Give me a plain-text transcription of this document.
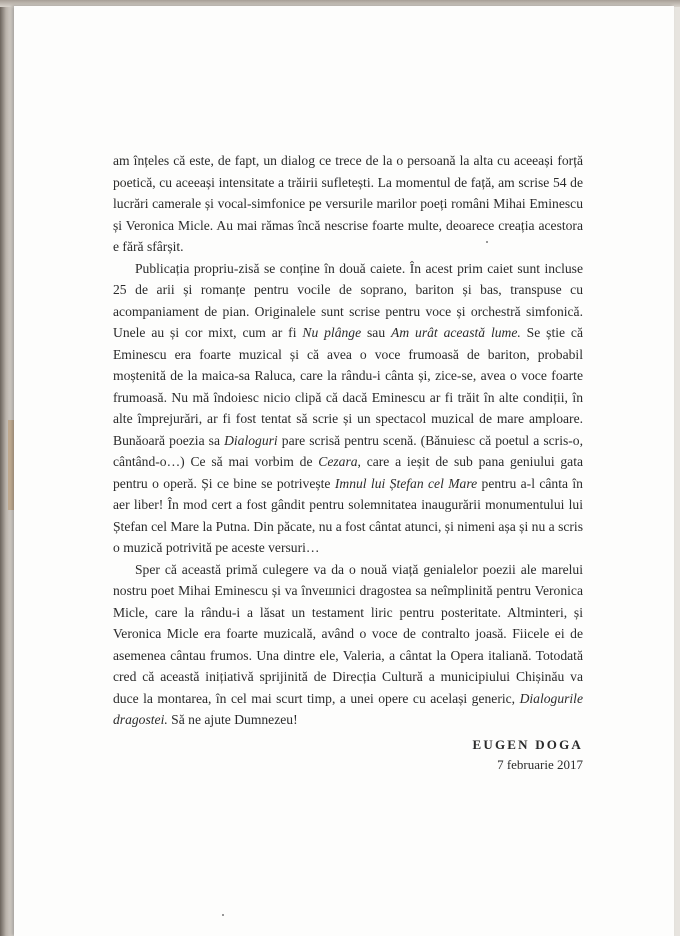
am înțeles că este, de fapt, un dialog ce trece de la o persoană la alta cu aceeași forță poetică, cu aceeași intensitate a trăirii sufletești. La momentul de față, am scrise 54 de lucrări camerale și vocal-simfonice pe versurile marilor poeți români Mihai Eminescu și Veronica Micle. Au mai rămas încă nescrise foarte multe, deoarece creația acestora e fără sfârșit.

Publicația propriu-zisă se conține în două caiete. În acest prim caiet sunt incluse 25 de arii și romanțe pentru vocile de soprano, bariton și bas, transpuse cu acompaniament de pian. Originalele sunt scrise pentru voce și orchestră simfonică. Unele au și cor mixt, cum ar fi Nu plânge sau Am urât această lume. Se știe că Eminescu era foarte muzical și că avea o voce frumoasă de bariton, probabil moștenită de la maica-sa Raluca, care la rându-i cânta și, zice-se, avea o voce foarte frumoasă. Nu mă îndoiesc nicio clipă că dacă Eminescu ar fi trăit în alte condiții, în alte împrejurări, ar fi fost tentat să scrie și un spectacol muzical de mare amploare. Bunăoară poezia sa Dialoguri pare scrisă pentru scenă. (Bănuiesc că poetul a scris-o, cântând-o…) Ce să mai vorbim de Cezara, care a ieșit de sub pana geniului gata pentru o operă. Și ce bine se potrivește Imnul lui Ștefan cel Mare pentru a-l cânta în aer liber! În mod cert a fost gândit pentru solemnitatea inaugurării monumentului lui Ștefan cel Mare la Putna. Din păcate, nu a fost cântat atunci, și nimeni așa și nu a scris o muzică potrivită pe aceste versuri…

Sper că această primă culegere va da o nouă viață genialelor poezii ale marelui nostru poet Mihai Eminescu și va învешnici dragostea sa neîmplinită pentru Veronica Micle, care la rându-i a lăsat un testament liric pentru posteritate. Altminteri, și Veronica Micle era foarte muzicală, având o voce de contralto joasă. Fiicele ei de asemenea cântau frumos. Una dintre ele, Valeria, a cântat la Opera italiană. Totodată cred că această inițiativă sprijinită de Direcția Cultură a municipiului Chișinău va duce la montarea, în cel mai scurt timp, a unei opere cu același generic, Dialogurile dragostei. Să ne ajute Dumnezeu!

EUGEN DOGA
7 februarie 2017
